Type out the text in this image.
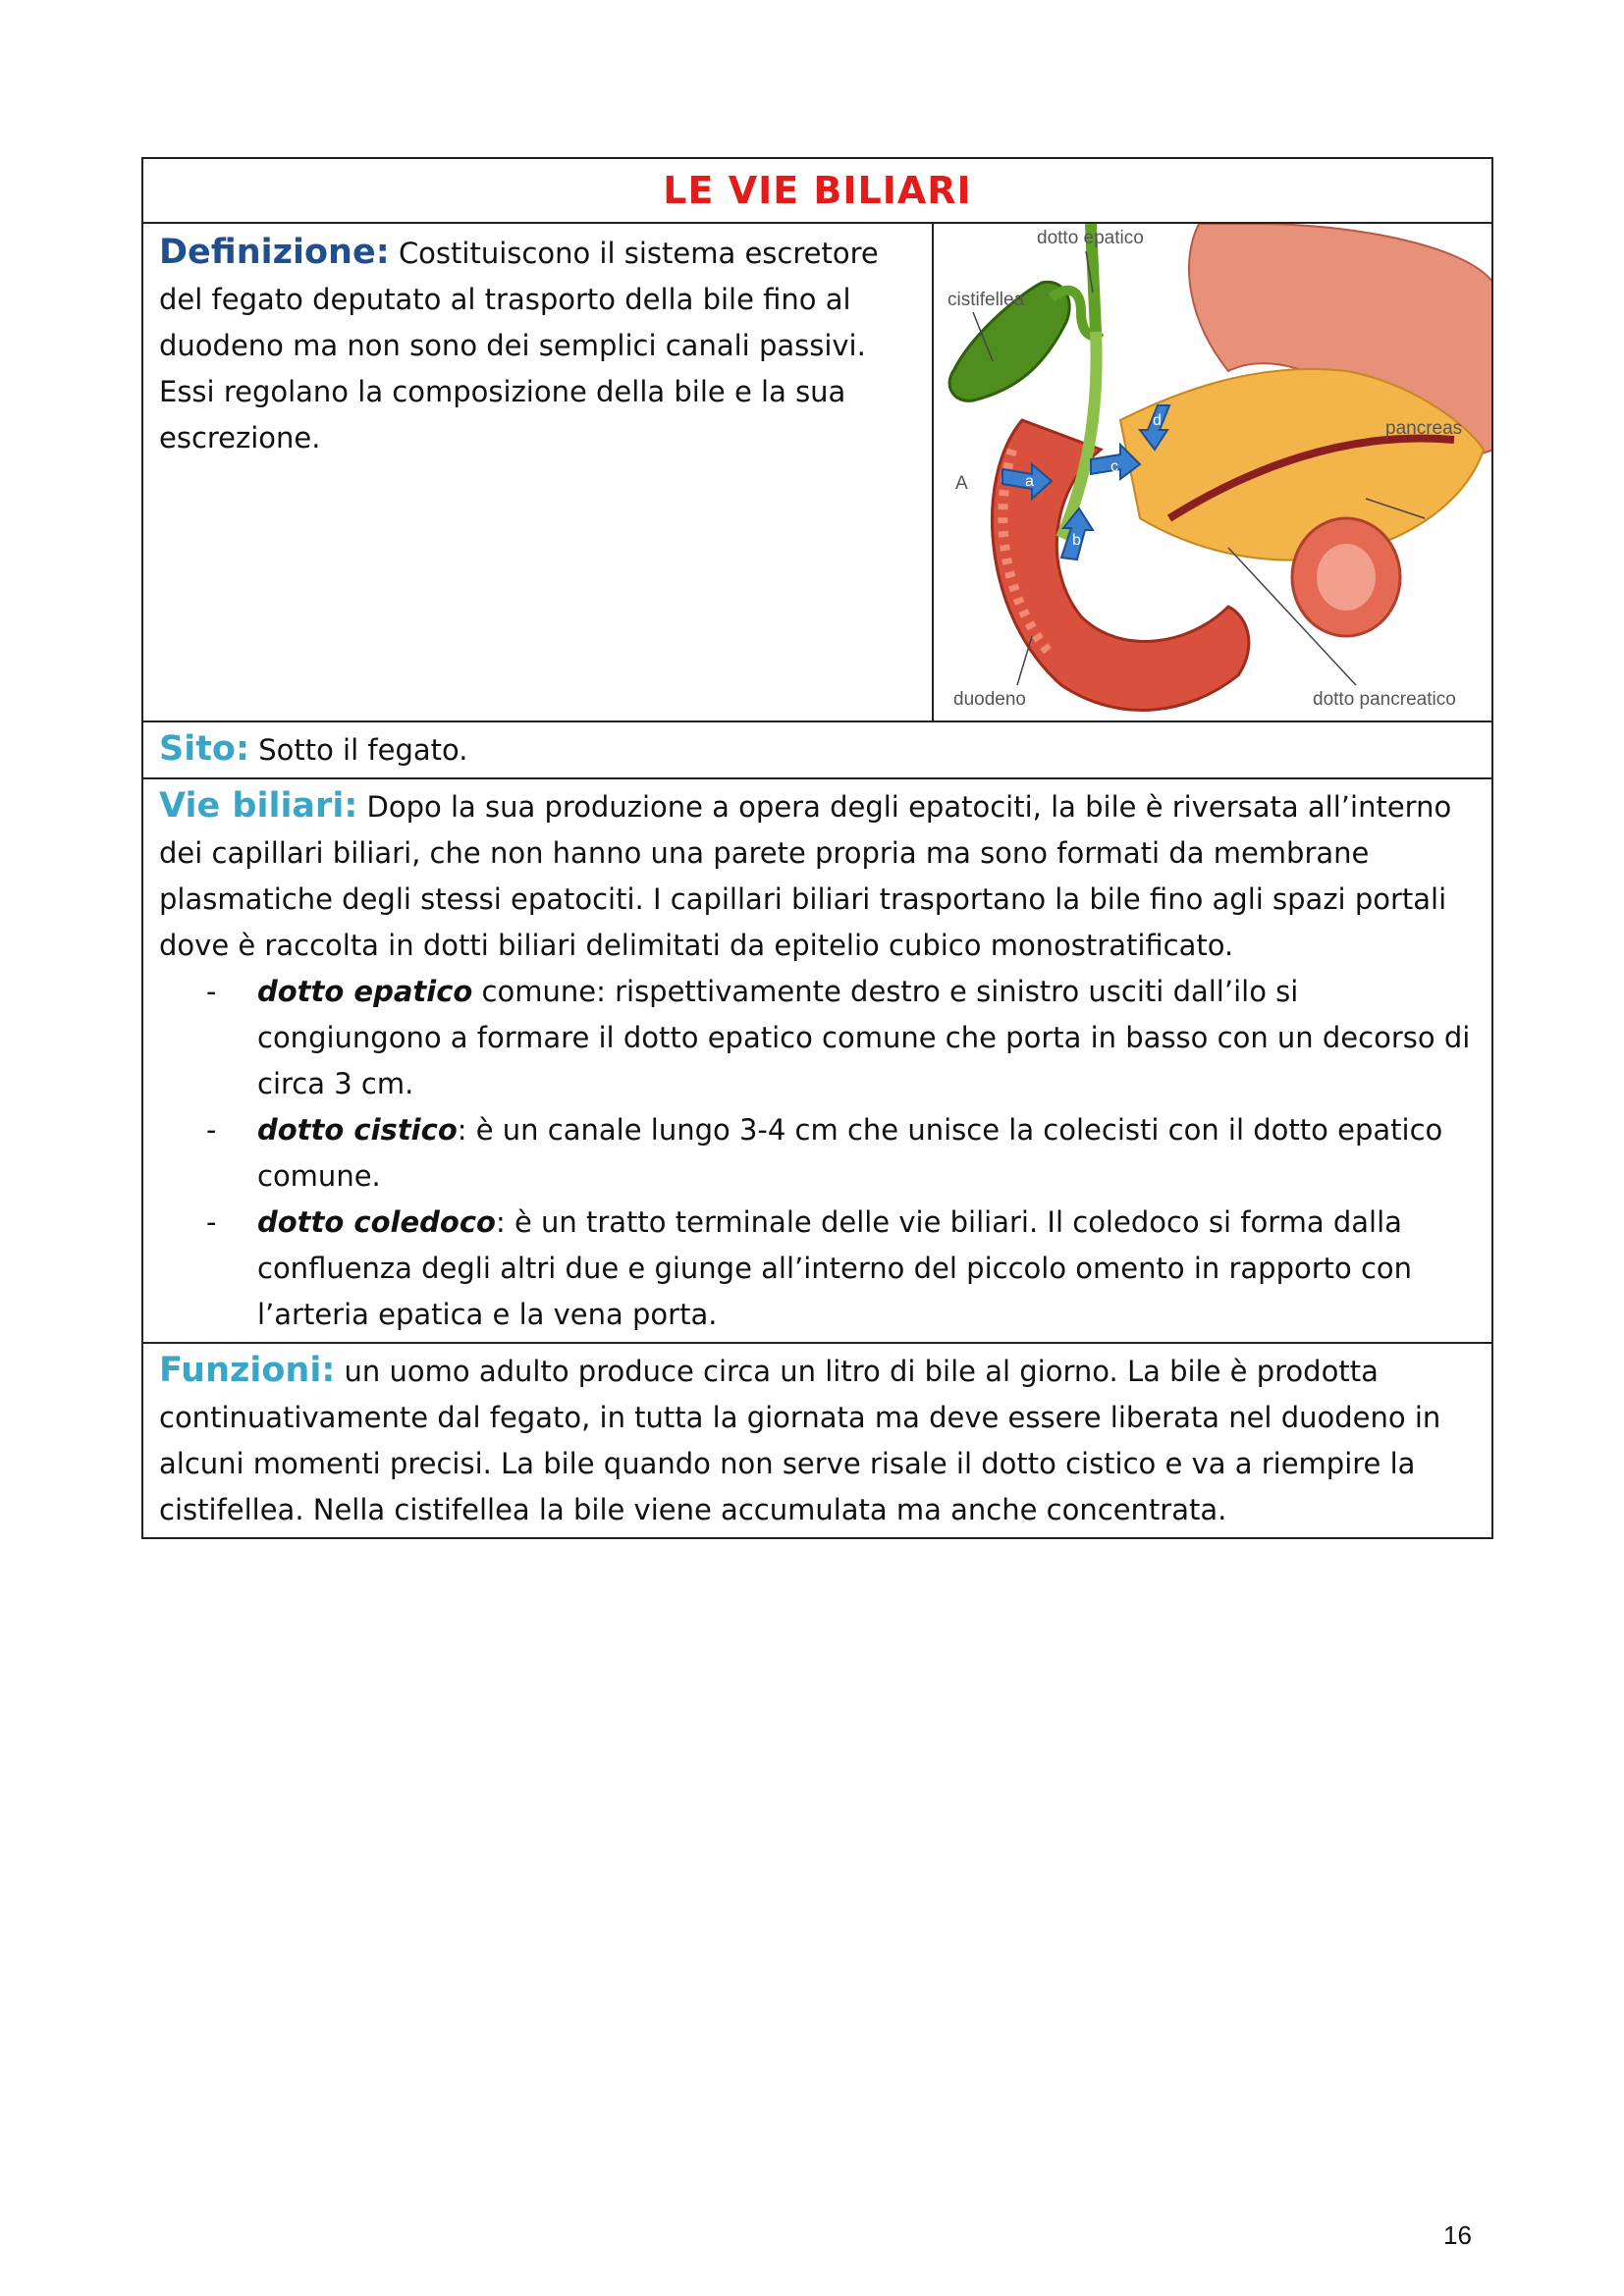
LE VIE BILIARI
Definizione: Costituiscono il sistema escretore del fegato deputato al trasporto della bile fino al duodeno ma non sono dei semplici canali passivi. Essi regolano la composizione della bile e la sua escrezione.
a
b
c
d
dotto epatico
cistifellea
pancreas
A
duodeno	dotto pancreatico
Sito: Sotto il fegato.
Vie biliari: Dopo la sua produzione a opera degli epatociti, la bile è riversata all’interno dei capillari biliari, che non hanno una parete propria ma sono formati da membrane plasmatiche degli stessi epatociti. I capillari biliari trasportano la bile fino agli spazi portali dove è raccolta in dotti biliari delimitati da epitelio cubico monostratificato.
- dotto epatico comune: rispettivamente destro e sinistro usciti dall’ilo si congiungono a formare il dotto epatico comune che porta in basso con un decorso di circa 3 cm.
- dotto cistico: è un canale lungo 3-4 cm che unisce la colecisti con il dotto epatico comune.
- dotto coledoco: è un tratto terminale delle vie biliari. Il coledoco si forma dalla confluenza degli altri due e giunge all’interno del piccolo omento in rapporto con l’arteria epatica e la vena porta.
Funzioni: un uomo adulto produce circa un litro di bile al giorno. La bile è prodotta continuativamente dal fegato, in tutta la giornata ma deve essere liberata nel duodeno in alcuni momenti precisi. La bile quando non serve risale il dotto cistico e va a riempire la cistifellea. Nella cistifellea la bile viene accumulata ma anche concentrata.
16
